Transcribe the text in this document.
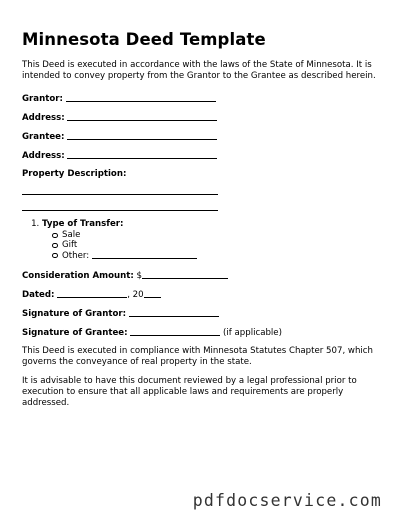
Minnesota Deed Template

This Deed is executed in accordance with the laws of the State of Minnesota. It is intended to convey property from the Grantor to the Grantee as described herein.

Grantor:
Address:
Grantee:
Address:
Property Description:
1. Type of Transfer:
Sale
Gift
Other:
Consideration Amount: $
Dated:	, 20
Signature of Grantor:
Signature of Grantee:	(if applicable)

This Deed is executed in compliance with Minnesota Statutes Chapter 507, which governs the conveyance of real property in the state.

It is advisable to have this document reviewed by a legal professional prior to execution to ensure that all applicable laws and requirements are properly addressed.

pdfdocservice.com
